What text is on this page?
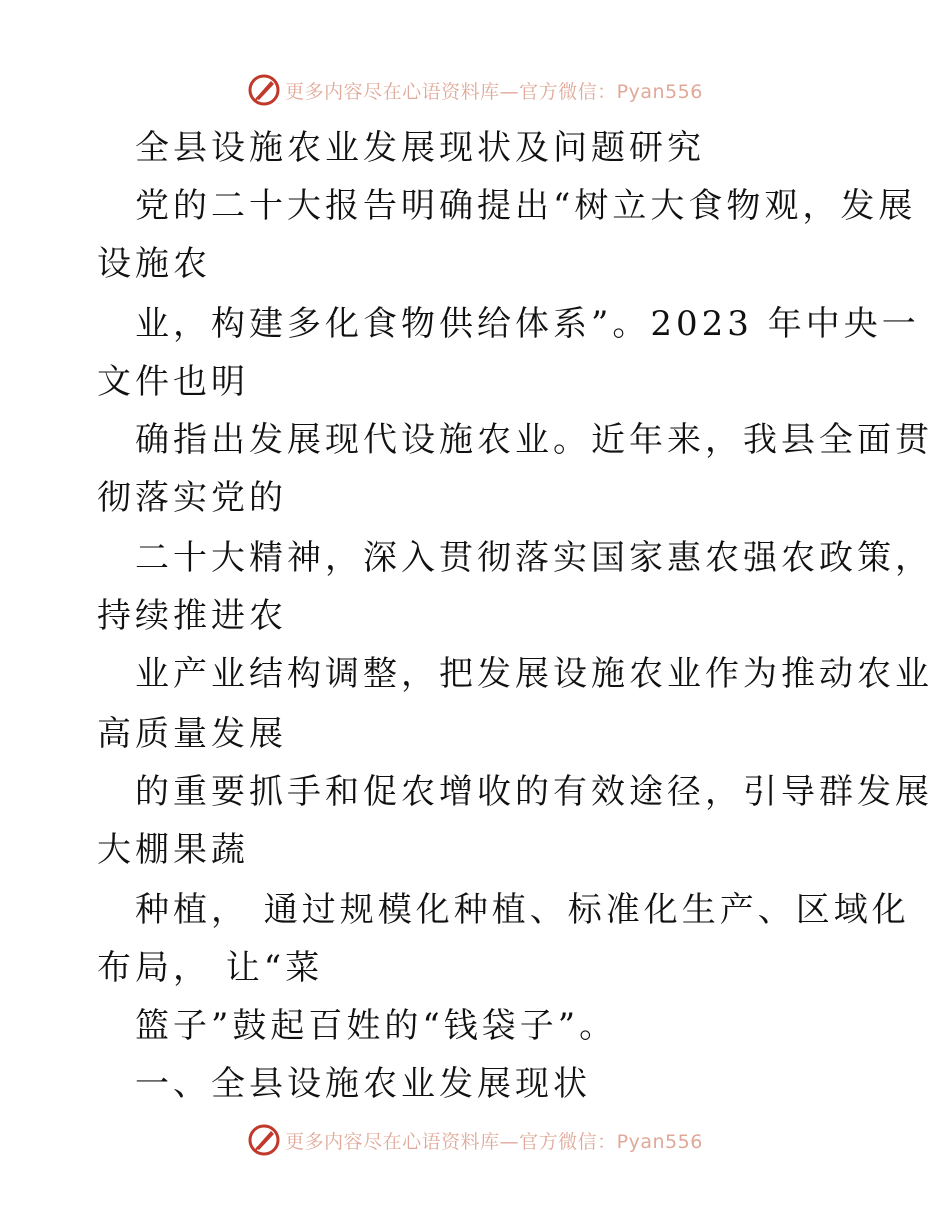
更多内容尽在心语资料库—官方微信：Pyan556
全县设施农业发展现状及问题研究
党的二十大报告明确提出“树立大食物观，发展
设施农
业，构建多化食物供给体系”。2023 年中央一
文件也明
确指出发展现代设施农业。近年来，我县全面贯
彻落实党的
二十大精神，深入贯彻落实国家惠农强农政策，
持续推进农
业产业结构调整，把发展设施农业作为推动农业
高质量发展
的重要抓手和促农增收的有效途径，引导群发展
大棚果蔬
种植， 通过规模化种植、标准化生产、区域化
布局， 让“菜
篮子”鼓起百姓的“钱袋子”。
一、全县设施农业发展现状
更多内容尽在心语资料库—官方微信：Pyan556
